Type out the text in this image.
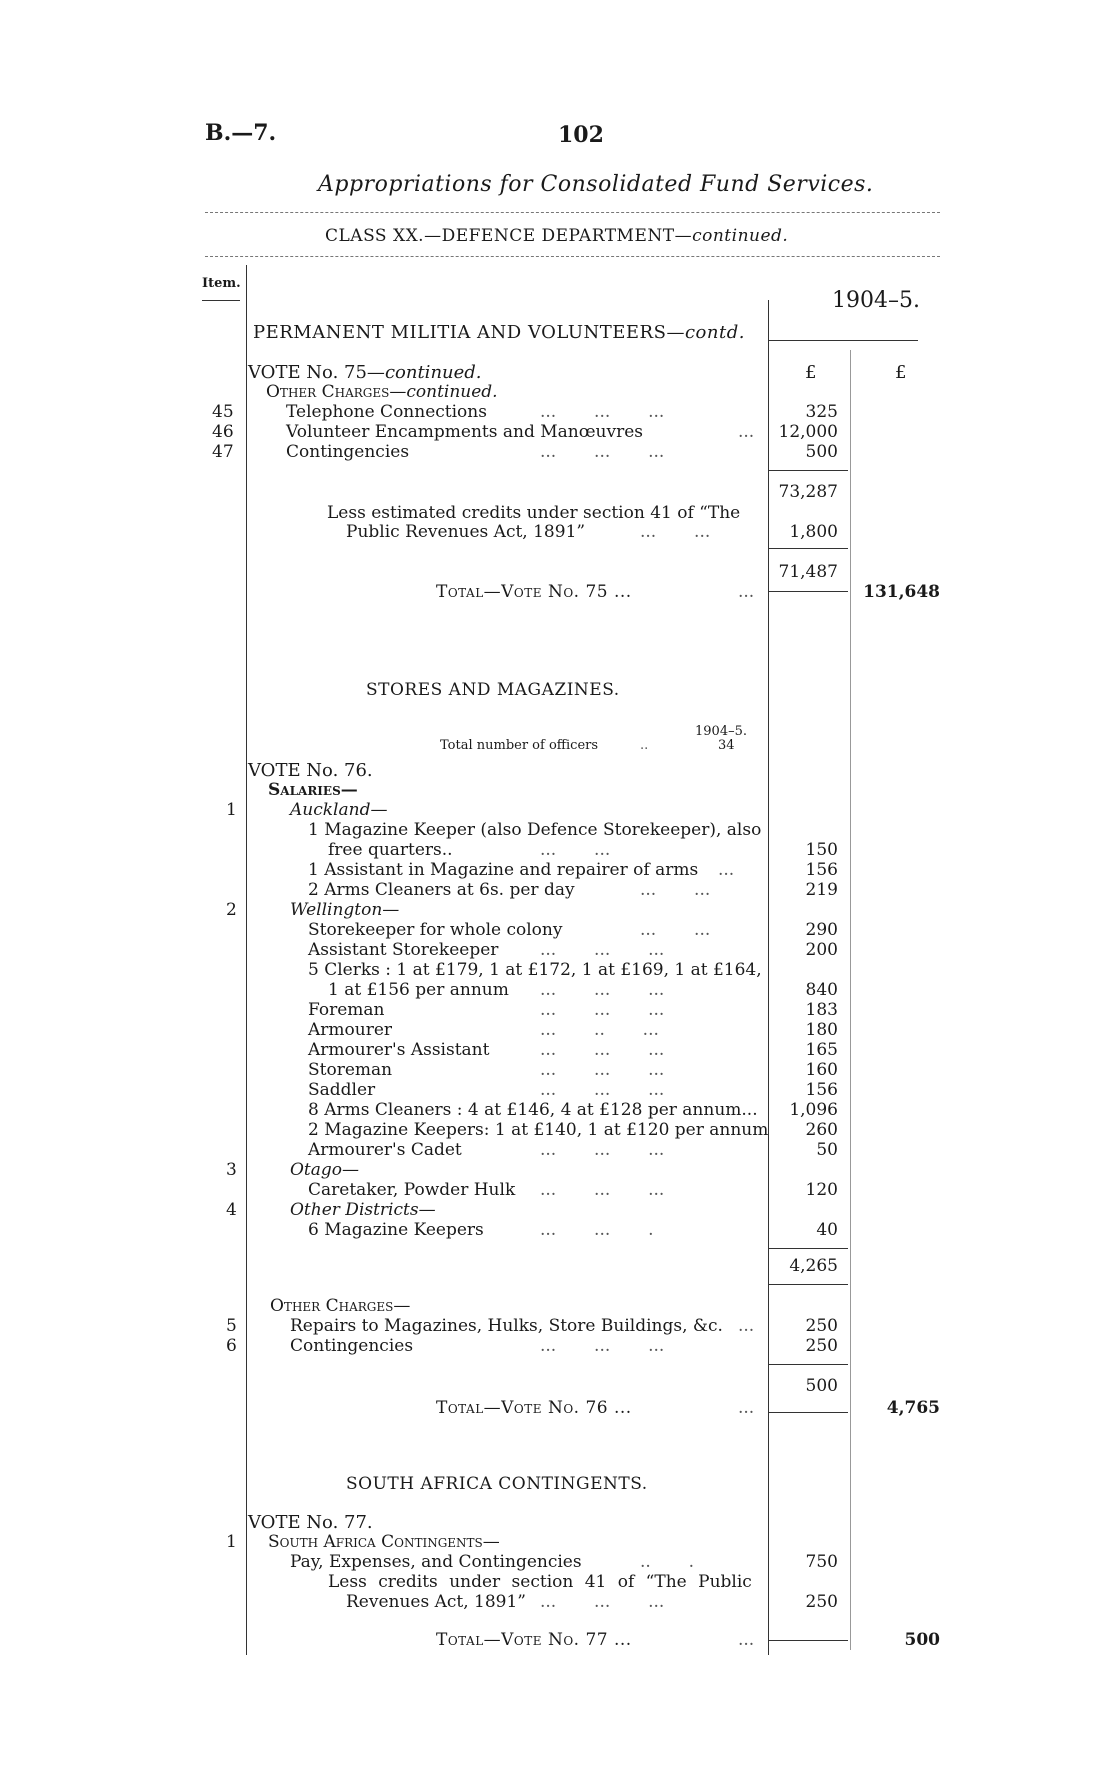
B.—7.	102
Appropriations for Consolidated Fund Services.
CLASS XX.—DEFENCE DEPARTMENT—continued.
Item.
1904–5.
PERMANENT MILITIA AND VOLUNTEERS—contd.
VOTE No. 75—continued.	£	£
Other Charges—continued.
45	Telephone Connections	...       ...       ...	325
46	Volunteer Encampments and Manœuvres	... 12,000
47	Contingencies	...       ...       ...	500
73,287
Less estimated credits under section 41 of “The
Public Revenues Act, 1891”	...       ...	1,800
71,487
Total—Vote No. 75 ...	...	131,648
STORES AND MAGAZINES.
1904–5.
Total number of officers	..	34
VOTE No. 76.
Salaries—
1	Auckland—
1 Magazine Keeper (also Defence Storekeeper), also
free quarters..	...       ...	150
1 Assistant in Magazine and repairer of arms ...	156
2 Arms Cleaners at 6s. per day	...       ...	219
2	Wellington—
Storekeeper for whole colony	...       ...	290
Assistant Storekeeper ...       ...       ...	200
5 Clerks : 1 at £179, 1 at £172, 1 at £169, 1 at £164,
1 at £156 per annum ...       ...       ...	840
Foreman	...       ...       ...	183
Armourer	...       ..       ...	180
Armourer's Assistant	...       ...       ...	165
Storeman	...       ...       ...	160
Saddler	...       ...       ...	156
8 Arms Cleaners : 4 at £146, 4 at £128 per annum... 1,096
2 Magazine Keepers: 1 at £140, 1 at £120 per annum 260
Armourer's Cadet	...       ...       ...	50
3	Otago—
Caretaker, Powder Hulk ...       ...       ...	120
4	Other Districts—
6 Magazine Keepers	...       ...       .	40
4,265
Other Charges—
5	Repairs to Magazines, Hulks, Store Buildings, &c. ...	250
6	Contingencies	...       ...       ...	250
500
Total—Vote No. 76 ...	...	4,765
SOUTH AFRICA CONTINGENTS.
VOTE No. 77.
1 South Africa Contingents—
Pay, Expenses, and Contingencies	..       .	750
Less credits under section 41 of “The Public
Revenues Act, 1891” ...       ...       ...	250
Total—Vote No. 77 ...	...	500
